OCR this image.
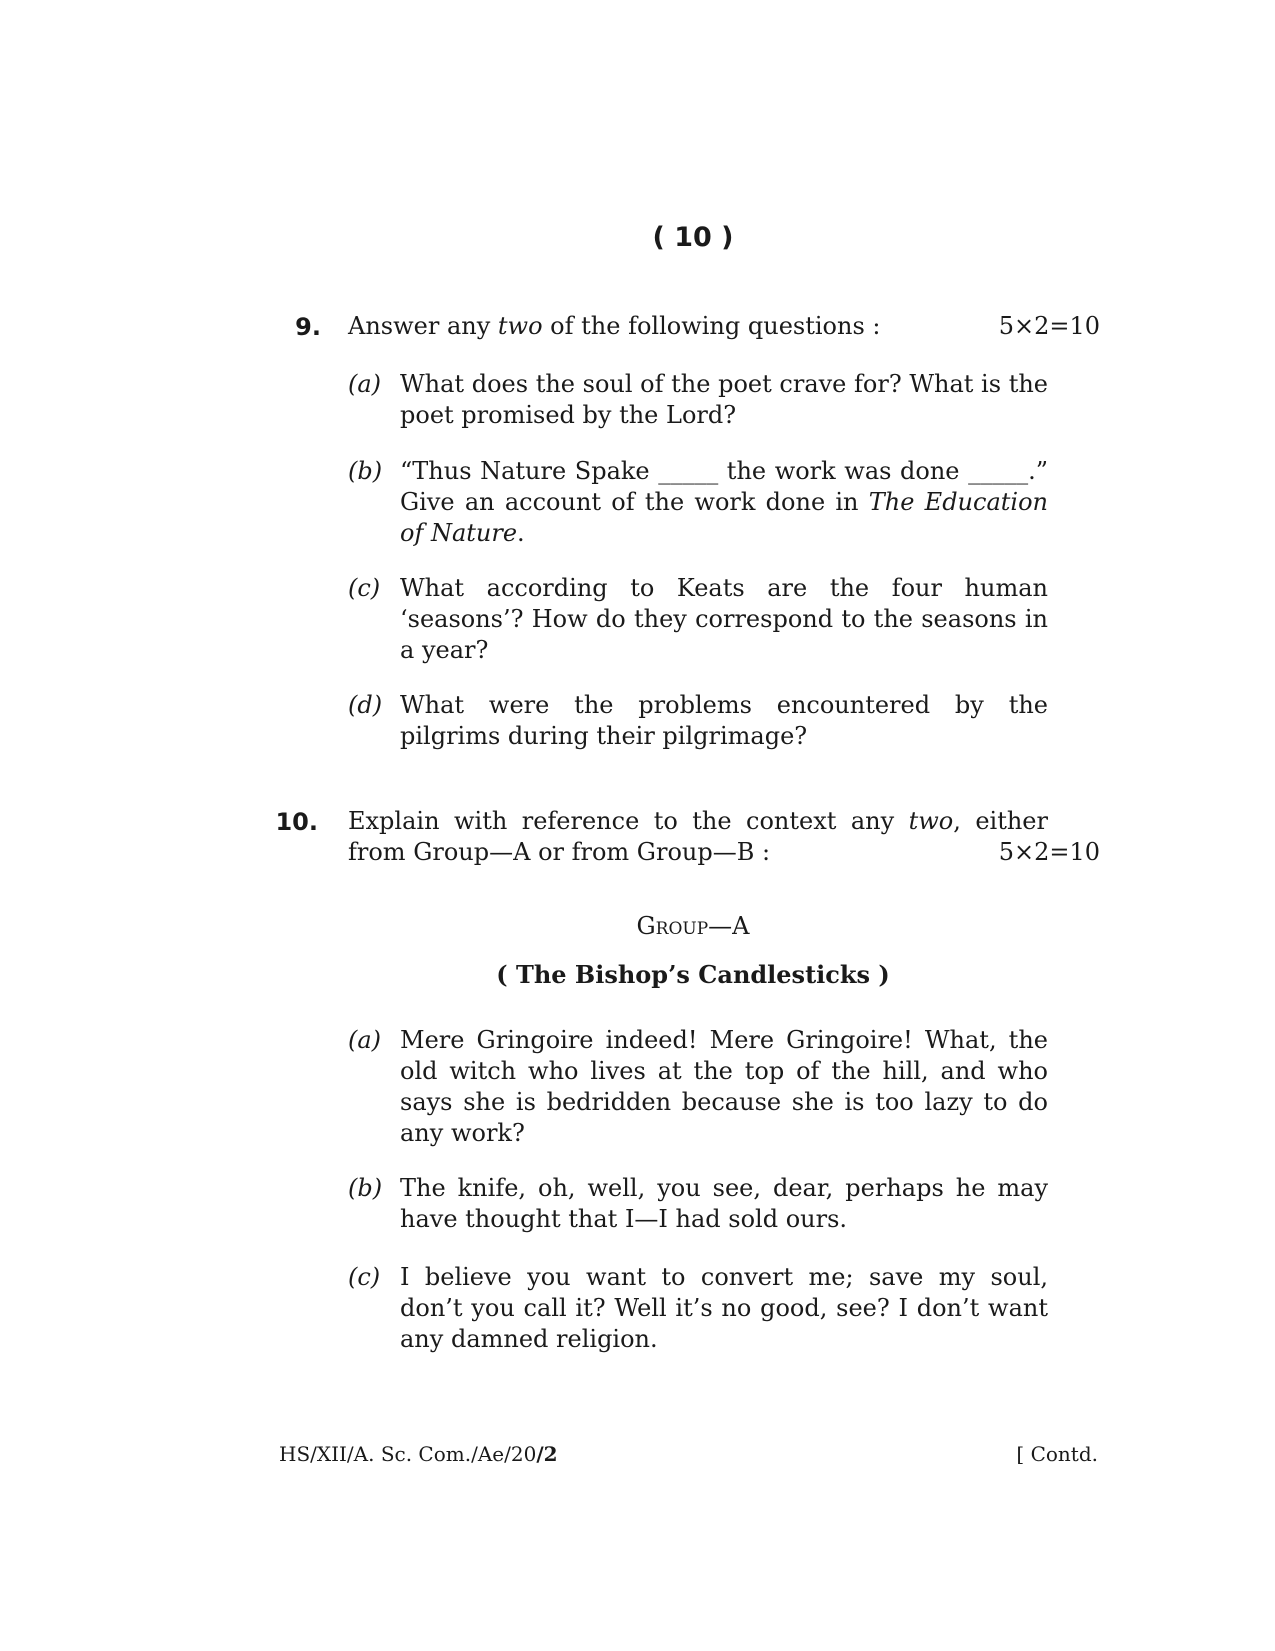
( 10 )
9. Answer any two of the following questions :	5×2=10
(a) What does the soul of the poet crave for? What is the poet promised by the Lord?
(b) “Thus Nature Spake _____ the work was done _____.” Give an account of the work done in The Education of Nature.
(c) What according to Keats are the four human ‘seasons’? How do they correspond to the seasons in a year?
(d) What were the problems encountered by the pilgrims during their pilgrimage?
10. Explain with reference to the context any two, either
from Group—A or from Group—B :	5×2=10
Group—A
( The Bishop’s Candlesticks )
(a) Mere Gringoire indeed! Mere Gringoire! What, the old witch who lives at the top of the hill, and who says she is bedridden because she is too lazy to do any work?
(b) The knife, oh, well, you see, dear, perhaps he may have thought that I—I had sold ours.
(c) I believe you want to convert me; save my soul, don’t you call it? Well it’s no good, see? I don’t want any damned religion.
HS/XII/A. Sc. Com./Ae/20/2	[ Contd.
